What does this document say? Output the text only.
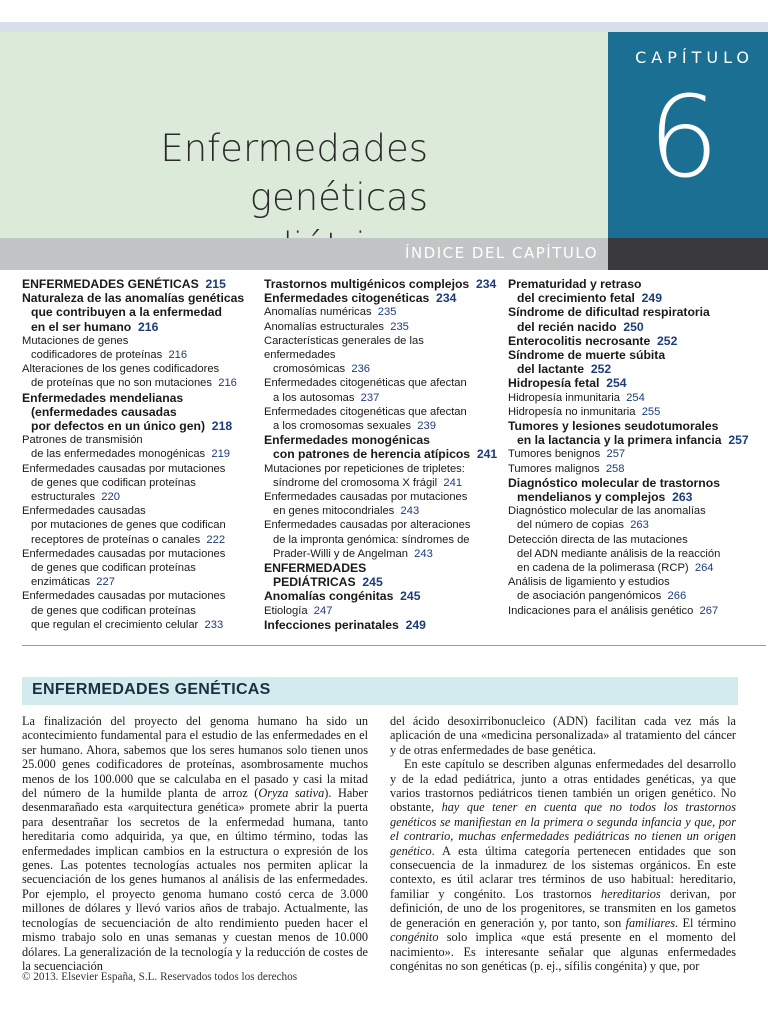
Enfermedades genéticas
CAPÍTULO
6
ÍNDICE DEL CAPÍTULO
ENFERMEDADES GENÉTICAS  215
Naturaleza de las anomalías genéticas
que contribuyen a la enfermedad
en el ser humano  216
Mutaciones de genes
codificadores de proteínas  216
Alteraciones de los genes codificadores
de proteínas que no son mutaciones  216
Enfermedades mendelianas
(enfermedades causadas
por defectos en un único gen)  218
Patrones de transmisión
de las enfermedades monogénicas  219
Enfermedades causadas por mutaciones
de genes que codifican proteínas
estructurales  220
Enfermedades causadas
por mutaciones de genes que codifican
receptores de proteínas o canales  222
Enfermedades causadas por mutaciones
de genes que codifican proteínas
enzimáticas  227
Enfermedades causadas por mutaciones
de genes que codifican proteínas
que regulan el crecimiento celular  233
Trastornos multigénicos complejos  234
Enfermedades citogenéticas  234
Anomalías numéricas  235
Anomalías estructurales  235
Características generales de las enfermedades
cromosómicas  236
Enfermedades citogenéticas que afectan
a los autosomas  237
Enfermedades citogenéticas que afectan
a los cromosomas sexuales  239
Enfermedades monogénicas
con patrones de herencia atípicos  241
Mutaciones por repeticiones de tripletes:
síndrome del cromosoma X frágil  241
Enfermedades causadas por mutaciones
en genes mitocondriales  243
Enfermedades causadas por alteraciones
de la impronta genómica: síndromes de
Prader-Willi y de Angelman  243
ENFERMEDADES
PEDIÁTRICAS  245
Anomalías congénitas  245
Etiología  247
Infecciones perinatales  249
Prematuridad y retraso
del crecimiento fetal  249
Síndrome de dificultad respiratoria
del recién nacido  250
Enterocolitis necrosante  252
Síndrome de muerte súbita
del lactante  252
Hidropesía fetal  254
Hidropesía inmunitaria  254
Hidropesía no inmunitaria  255
Tumores y lesiones seudotumorales
en la lactancia y la primera infancia  257
Tumores benignos  257
Tumores malignos  258
Diagnóstico molecular de trastornos
mendelianos y complejos  263
Diagnóstico molecular de las anomalías
del número de copias  263
Detección directa de las mutaciones
del ADN mediante análisis de la reacción
en cadena de la polimerasa (RCP)  264
Análisis de ligamiento y estudios
de asociación pangenómicos  266
Indicaciones para el análisis genético  267
ENFERMEDADES GENÉTICAS

La finalización del proyecto del genoma humano ha sido un acontecimiento fundamental para el estudio de las enfermedades en el ser humano. Ahora, sabemos que los seres humanos solo tienen unos 25.000 genes codificadores de proteínas, asombrosamente muchos menos de los 100.000 que se calculaba en el pasado y casi la mitad del número de la humilde planta de arroz (Oryza sativa). Haber desenmarañado esta «arquitectura genética» promete abrir la puerta para desentrañar los secretos de la enfermedad humana, tanto hereditaria como adquirida, ya que, en último término, todas las enfermedades implican cambios en la estructura o expresión de los genes. Las potentes tecnologías actuales nos permiten aplicar la secuenciación de los genes humanos al análisis de las enfermedades. Por ejemplo, el proyecto genoma humano costó cerca de 3.000 millones de dólares y llevó varios años de trabajo. Actualmente, las tecnologías de secuenciación de alto rendimiento pueden hacer el mismo trabajo solo en unas semanas y cuestan menos de 10.000 dólares. La generalización de la tecnología y la reducción de costes de la secuenciación

del ácido desoxirribonucleico (ADN) facilitan cada vez más la aplicación de una «medicina personalizada» al tratamiento del cáncer y de otras enfermedades de base genética.

En este capítulo se describen algunas enfermedades del desarrollo y de la edad pediátrica, junto a otras entidades genéticas, ya que varios trastornos pediátricos tienen también un origen genético. No obstante, hay que tener en cuenta que no todos los trastornos genéticos se manifiestan en la primera o segunda infancia y que, por el contrario, muchas enfermedades pediátricas no tienen un origen genético. A esta última categoría pertenecen entidades que son consecuencia de la inmadurez de los sistemas orgánicos. En este contexto, es útil aclarar tres términos de uso habitual: hereditario, familiar y congénito. Los trastornos hereditarios derivan, por definición, de uno de los progenitores, se transmiten en los gametos de generación en generación y, por tanto, son familiares. El término congénito solo implica «que está presente en el momento del nacimiento». Es interesante señalar que algunas enfermedades congénitas no son genéticas (p. ej., sífilis congénita) y que, por

© 2013. Elsevier España, S.L. Reservados todos los derechos
